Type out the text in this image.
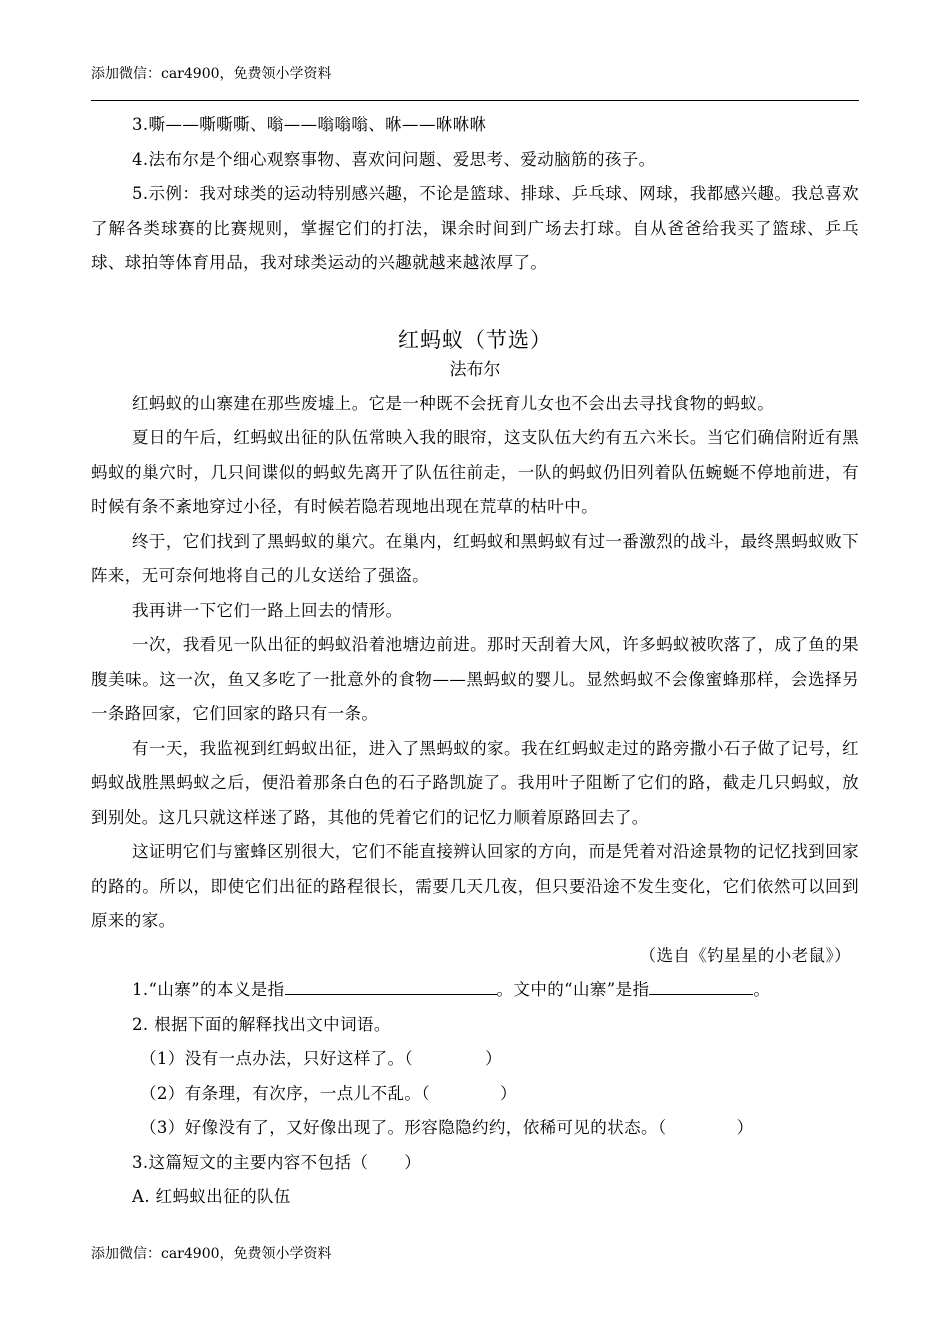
添加微信：car4900，免费领小学资料

3.嘶——嘶嘶嘶、嗡——嗡嗡嗡、咻——咻咻咻

4.法布尔是个细心观察事物、喜欢问问题、爱思考、爱动脑筋的孩子。

5.示例：我对球类的运动特别感兴趣，不论是篮球、排球、乒乓球、网球，我都感兴趣。我总喜欢了解各类球赛的比赛规则，掌握它们的打法，课余时间到广场去打球。自从爸爸给我买了篮球、乒乓球、球拍等体育用品，我对球类运动的兴趣就越来越浓厚了。

红蚂蚁（节选）
法布尔

红蚂蚁的山寨建在那些废墟上。它是一种既不会抚育儿女也不会出去寻找食物的蚂蚁。

夏日的午后，红蚂蚁出征的队伍常映入我的眼帘，这支队伍大约有五六米长。当它们确信附近有黑蚂蚁的巢穴时，几只间谍似的蚂蚁先离开了队伍往前走，一队的蚂蚁仍旧列着队伍蜿蜒不停地前进，有时候有条不紊地穿过小径，有时候若隐若现地出现在荒草的枯叶中。

终于，它们找到了黑蚂蚁的巢穴。在巢内，红蚂蚁和黑蚂蚁有过一番激烈的战斗，最终黑蚂蚁败下阵来，无可奈何地将自己的儿女送给了强盗。

我再讲一下它们一路上回去的情形。

一次，我看见一队出征的蚂蚁沿着池塘边前进。那时天刮着大风，许多蚂蚁被吹落了，成了鱼的果腹美味。这一次，鱼又多吃了一批意外的食物——黑蚂蚁的婴儿。显然蚂蚁不会像蜜蜂那样，会选择另一条路回家，它们回家的路只有一条。

有一天，我监视到红蚂蚁出征，进入了黑蚂蚁的家。我在红蚂蚁走过的路旁撒小石子做了记号，红蚂蚁战胜黑蚂蚁之后，便沿着那条白色的石子路凯旋了。我用叶子阻断了它们的路，截走几只蚂蚁，放到别处。这几只就这样迷了路，其他的凭着它们的记忆力顺着原路回去了。

这证明它们与蜜蜂区别很大，它们不能直接辨认回家的方向，而是凭着对沿途景物的记忆找到回家的路的。所以，即使它们出征的路程很长，需要几天几夜，但只要沿途不发生变化，它们依然可以回到原来的家。

（选自《钓星星的小老鼠》）

1.“山寨”的本义是指	。文中的“山寨”是指	。

2. 根据下面的解释找出文中词语。

（1）没有一点办法，只好这样了。（	）

（2）有条理，有次序，一点儿不乱。（	）

（3）好像没有了，又好像出现了。形容隐隐约约，依稀可见的状态。（	）

3.这篇短文的主要内容不包括（ ）

A. 红蚂蚁出征的队伍

添加微信：car4900，免费领小学资料
